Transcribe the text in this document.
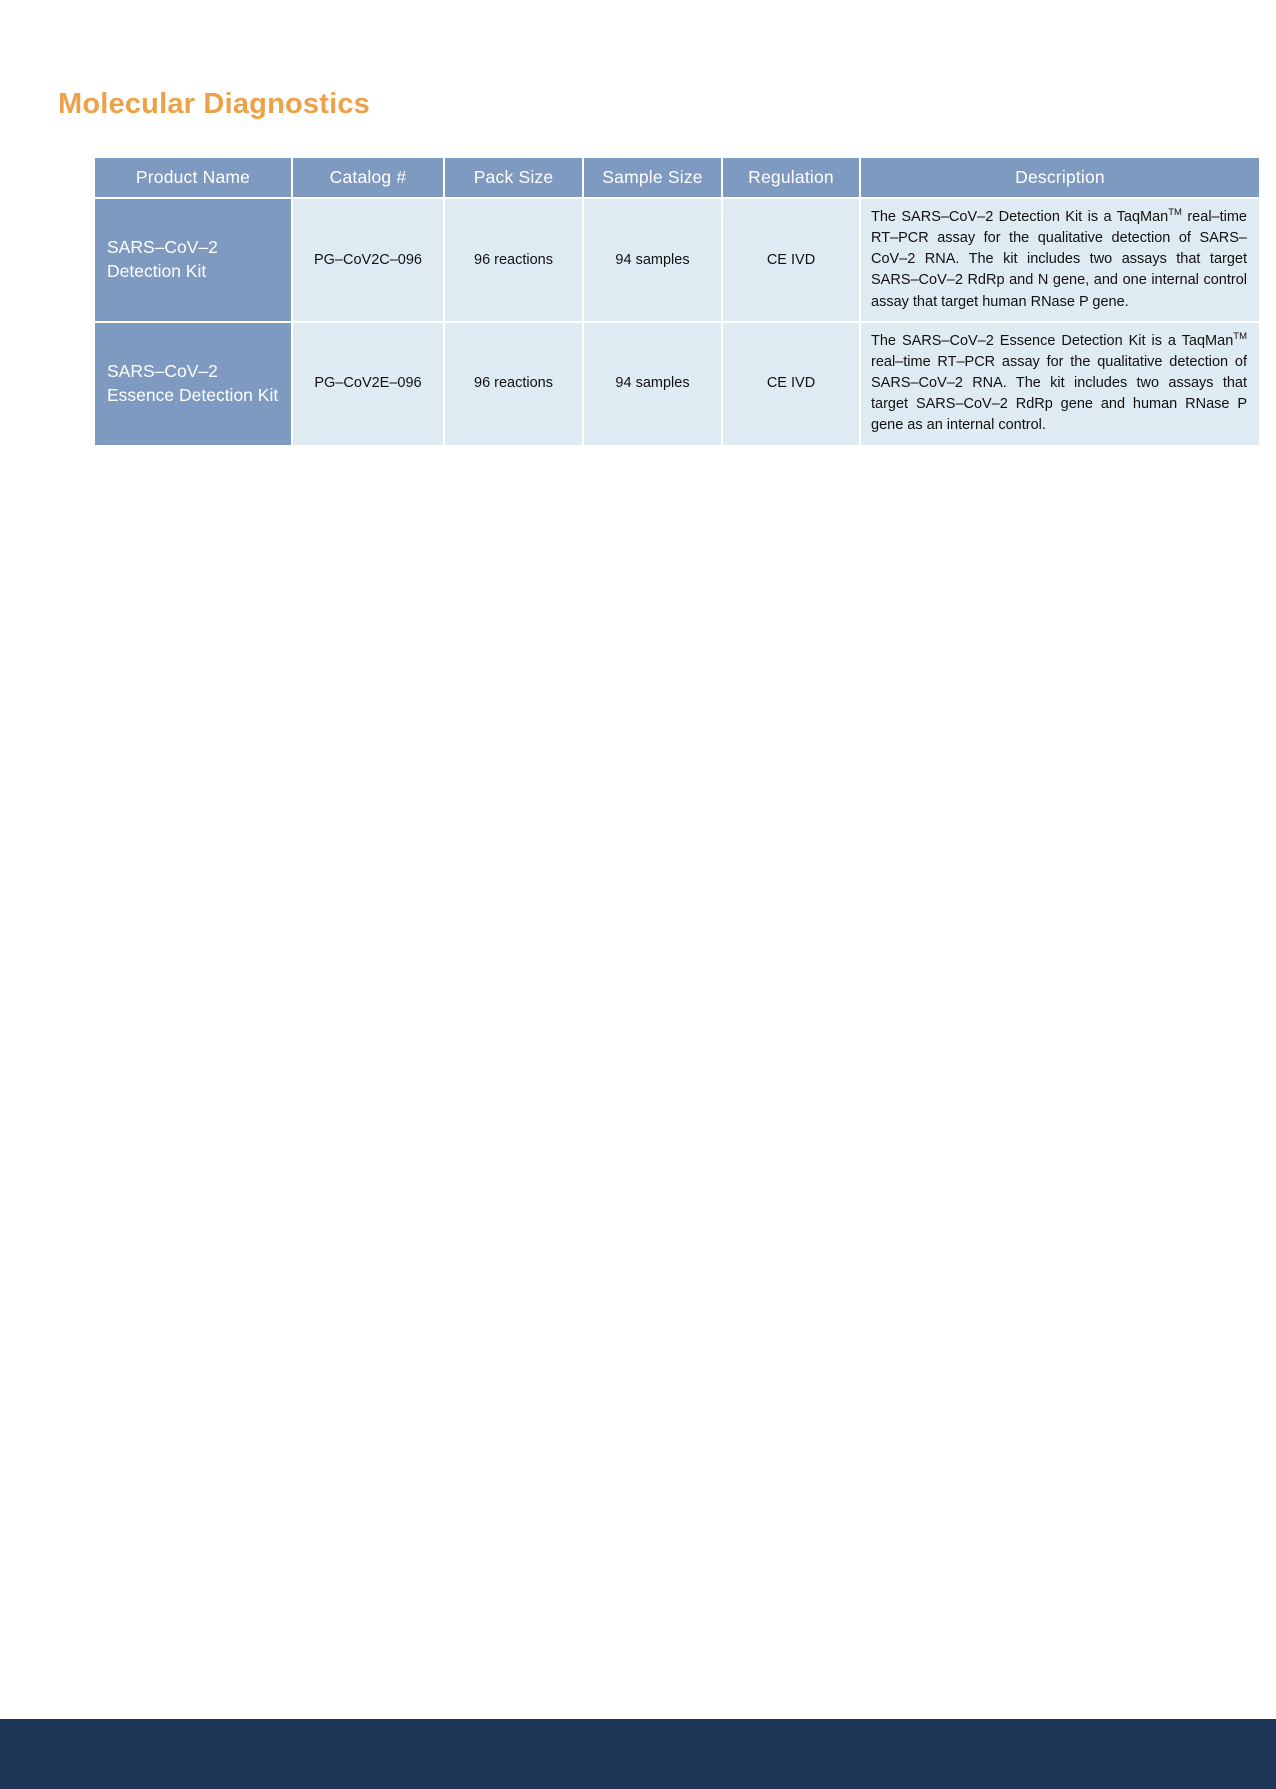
Molecular Diagnostics
Product Name	Catalog #	Pack Size	Sample Size	Regulation	Description
SARS–CoV–2 Detection Kit	PG–CoV2C–096	96 reactions	94 samples	CE IVD	The SARS–CoV–2 Detection Kit is a TaqMan™ real–time RT–PCR assay for the qualitative detection of SARS–CoV–2 RNA. The kit includes two assays that target SARS–CoV–2 RdRp and N gene, and one internal control assay that target human RNase P gene.
SARS–CoV–2 Essence Detection Kit	PG–CoV2E–096	96 reactions	94 samples	CE IVD	The SARS–CoV–2 Essence Detection Kit is a TaqMan™ real–time RT–PCR assay for the qualitative detection of SARS–CoV–2 RNA. The kit includes two assays that target SARS–CoV–2 RdRp gene and human RNase P gene as an internal control.
